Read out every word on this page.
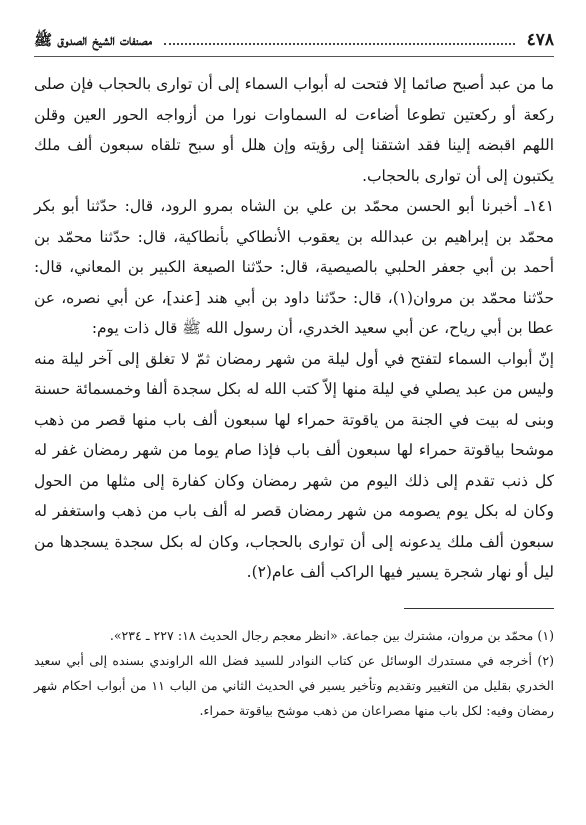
٤٧٨
مصنفات الشيخ الصدوق ﷺ

ما من عبد أصبح صائما إلا فتحت له أبواب السماء إلى أن توارى بالحجاب فإن صلى ركعة أو ركعتين تطوعا أضاءت له السماوات نورا من أزواجه الحور العين وقلن اللهم اقبضه إلينا فقد اشتقنا إلى رؤيته وإن هلل أو سبح تلقاه سبعون ألف ملك يكتبون إلى أن توارى بالحجاب.

١٤١ـ أخبرنا أبو الحسن محمّد بن علي بن الشاه بمرو الرود، قال: حدّثنا أبو بكر محمّد بن إبراهيم بن عبدالله بن يعقوب الأنطاكي بأنطاكية، قال: حدّثنا محمّد بن أحمد بن أبي جعفر الحلبي بالصيصية، قال: حدّثنا الصيعة الكبير بن المعاني، قال: حدّثنا محمّد بن مروان(١)، قال: حدّثنا داود بن أبي هند [عند]، عن أبي نصره، عن عطا بن أبي رياح، عن أبي سعيد الخدري، أن رسول الله ﷺ قال ذات يوم:

إنّ أبواب السماء لتفتح في أول ليلة من شهر رمضان ثمّ لا تغلق إلى آخر ليلة منه وليس من عبد يصلي في ليلة منها إلاّ كتب الله له بكل سجدة ألفا وخمسمائة حسنة وبنى له بيت في الجنة من ياقوتة حمراء لها سبعون ألف باب منها قصر من ذهب موشحا بياقوتة حمراء لها سبعون ألف باب فإذا صام يوما من شهر رمضان غفر له كل ذنب تقدم إلى ذلك اليوم من شهر رمضان وكان كفارة إلى مثلها من الحول وكان له بكل يوم يصومه من شهر رمضان قصر له ألف باب من ذهب واستغفر له سبعون ألف ملك يدعونه إلى أن توارى بالحجاب، وكان له بكل سجدة يسجدها من ليل أو نهار شجرة يسير فيها الراكب ألف عام(٢).

(١) محمّد بن مروان، مشترك بين جماعة. «انظر معجم رجال الحديث ١٨: ٢٢٧ ـ ٢٣٤».

(٢) أخرجه في مستدرك الوسائل عن كتاب النوادر للسيد فضل الله الراوندي بسنده إلى أبي سعيد الخدري بقليل من التغيير وتقديم وتأخير يسير في الحديث الثاني من الباب ١١ من أبواب احكام شهر رمضان وفيه: لكل باب منها مصراعان من ذهب موشح بياقوتة حمراء.
